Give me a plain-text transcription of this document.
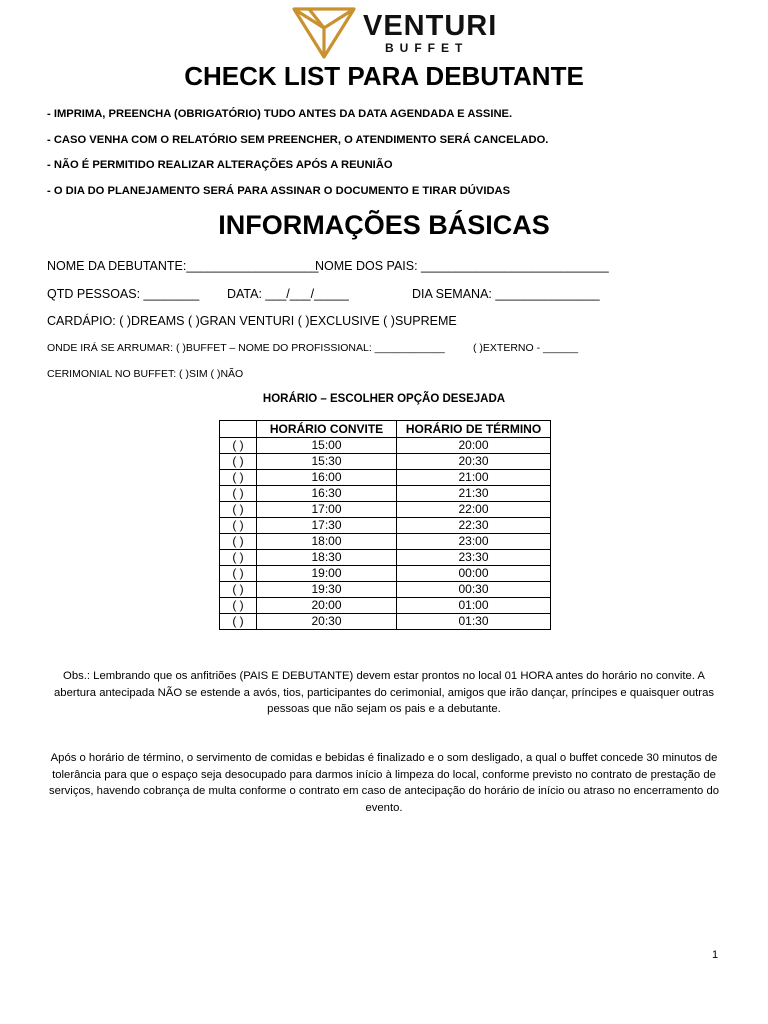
VENTURI
BUFFET
CHECK LIST PARA DEBUTANTE
- IMPRIMA, PREENCHA (OBRIGATÓRIO) TUDO ANTES DA DATA AGENDADA E ASSINE.
- CASO VENHA COM O RELATÓRIO SEM PREENCHER, O ATENDIMENTO SERÁ CANCELADO.
- NÃO É PERMITIDO REALIZAR ALTERAÇÕES APÓS A REUNIÃO
- O DIA DO PLANEJAMENTO SERÁ PARA ASSINAR O DOCUMENTO E TIRAR DÚVIDAS
INFORMAÇÕES BÁSICAS
NOME DA DEBUTANTE:___________________
NOME DOS PAIS: ___________________________
QTD PESSOAS: ________ DATA: ___/___/_____	DIA SEMANA: _______________
CARDÁPIO: ( )DREAMS ( )GRAN VENTURI ( )EXCLUSIVE ( )SUPREME
ONDE IRÁ SE ARRUMAR: ( )BUFFET – NOME DO PROFISSIONAL: ____________	( )EXTERNO - ______
CERIMONIAL NO BUFFET: ( )SIM ( )NÃO
HORÁRIO – ESCOLHER OPÇÃO DESEJADA
	HORÁRIO CONVITE	HORÁRIO DE TÉRMINO
( )	15:00	20:00
( )	15:30	20:30
( )	16:00	21:00
( )	16:30	21:30
( )	17:00	22:00
( )	17:30	22:30
( )	18:00	23:00
( )	18:30	23:30
( )	19:00	00:00
( )	19:30	00:30
( )	20:00	01:00
( )	20:30	01:30
Obs.: Lembrando que os anfitriões (PAIS E DEBUTANTE) devem estar prontos no local 01 HORA antes do horário no convite. A abertura antecipada NÃO se estende a avós, tios, participantes do cerimonial, amigos que irão dançar, príncipes e quaisquer outras pessoas que não sejam os pais e a debutante.
Após o horário de término, o servimento de comidas e bebidas é finalizado e o som desligado, a qual o buffet concede 30 minutos de tolerância para que o espaço seja desocupado para darmos início à limpeza do local, conforme previsto no contrato de prestação de serviços, havendo cobrança de multa conforme o contrato em caso de antecipação do horário de início ou atraso no encerramento do evento.
1
